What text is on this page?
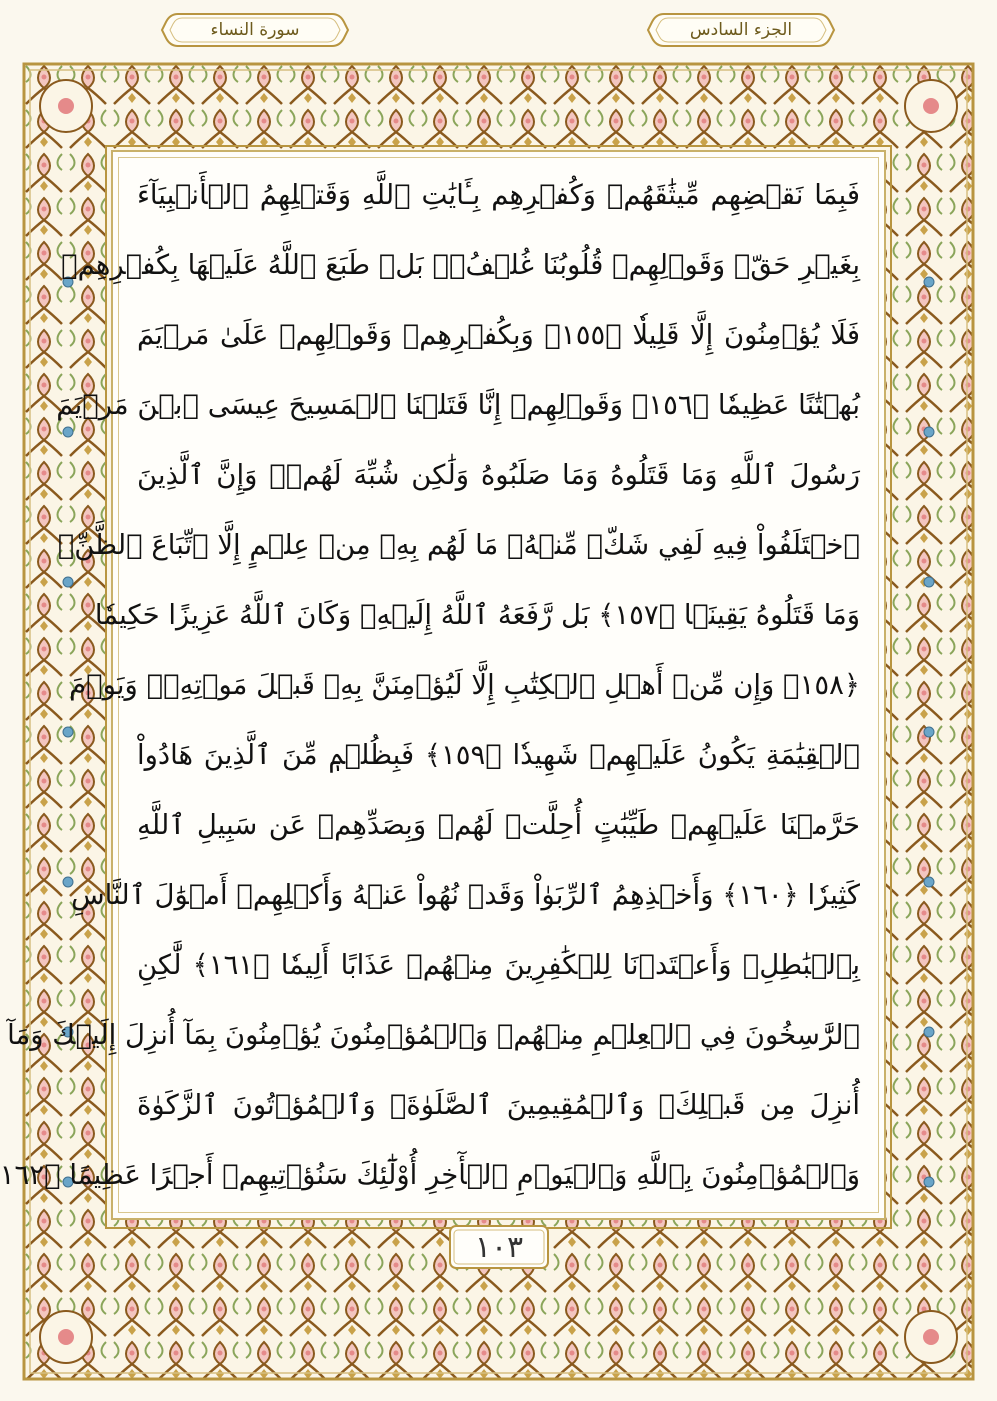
سورة النساء	الجزء السادس
فَبِمَا نَقۡضِهِم مِّيثَٰقَهُمۡ وَكُفۡرِهِم بِـَٔايَٰتِ ٱللَّهِ وَقَتۡلِهِمُ ٱلۡأَنۢبِيَآءَ
بِغَيۡرِ حَقّٖ وَقَوۡلِهِمۡ قُلُوبُنَا غُلۡفُۢۚ بَلۡ طَبَعَ ٱللَّهُ عَلَيۡهَا بِكُفۡرِهِمۡ
فَلَا يُؤۡمِنُونَ إِلَّا قَلِيلٗا ﴿١٥٥﴾ وَبِكُفۡرِهِمۡ وَقَوۡلِهِمۡ عَلَىٰ مَرۡيَمَ
بُهۡتَٰنًا عَظِيمٗا ﴿١٥٦﴾ وَقَوۡلِهِمۡ إِنَّا قَتَلۡنَا ٱلۡمَسِيحَ عِيسَى ٱبۡنَ مَرۡيَمَ
رَسُولَ ٱللَّهِ وَمَا قَتَلُوهُ وَمَا صَلَبُوهُ وَلَٰكِن شُبِّهَ لَهُمۡۚ وَإِنَّ ٱلَّذِينَ
ٱخۡتَلَفُواْ فِيهِ لَفِي شَكّٖ مِّنۡهُۚ مَا لَهُم بِهِۦ مِنۡ عِلۡمٍ إِلَّا ٱتِّبَاعَ ٱلظَّنِّۚ
وَمَا قَتَلُوهُ يَقِينَۢا ﴿١٥٧﴾ بَل رَّفَعَهُ ٱللَّهُ إِلَيۡهِۚ وَكَانَ ٱللَّهُ عَزِيزًا حَكِيمٗا
﴿١٥٨﴾ وَإِن مِّنۡ أَهۡلِ ٱلۡكِتَٰبِ إِلَّا لَيُؤۡمِنَنَّ بِهِۦ قَبۡلَ مَوۡتِهِۦۖ وَيَوۡمَ
ٱلۡقِيَٰمَةِ يَكُونُ عَلَيۡهِمۡ شَهِيدٗا ﴿١٥٩﴾ فَبِظُلۡمٖ مِّنَ ٱلَّذِينَ هَادُواْ
حَرَّمۡنَا عَلَيۡهِمۡ طَيِّبَٰتٍ أُحِلَّتۡ لَهُمۡ وَبِصَدِّهِمۡ عَن سَبِيلِ ٱللَّهِ
كَثِيرٗا ﴿١٦٠﴾ وَأَخۡذِهِمُ ٱلرِّبَوٰاْ وَقَدۡ نُهُواْ عَنۡهُ وَأَكۡلِهِمۡ أَمۡوَٰلَ ٱلنَّاسِ
بِٱلۡبَٰطِلِۚ وَأَعۡتَدۡنَا لِلۡكَٰفِرِينَ مِنۡهُمۡ عَذَابًا أَلِيمٗا ﴿١٦١﴾ لَّٰكِنِ
ٱلرَّٰسِخُونَ فِي ٱلۡعِلۡمِ مِنۡهُمۡ وَٱلۡمُؤۡمِنُونَ يُؤۡمِنُونَ بِمَآ أُنزِلَ إِلَيۡكَ وَمَآ
أُنزِلَ مِن قَبۡلِكَۚ وَٱلۡمُقِيمِينَ ٱلصَّلَوٰةَۚ وَٱلۡمُؤۡتُونَ ٱلزَّكَوٰةَ
وَٱلۡمُؤۡمِنُونَ بِٱللَّهِ وَٱلۡيَوۡمِ ٱلۡأٓخِرِ أُوْلَٰٓئِكَ سَنُؤۡتِيهِمۡ أَجۡرًا عَظِيمًا ﴿١٦٢
١٠٣
